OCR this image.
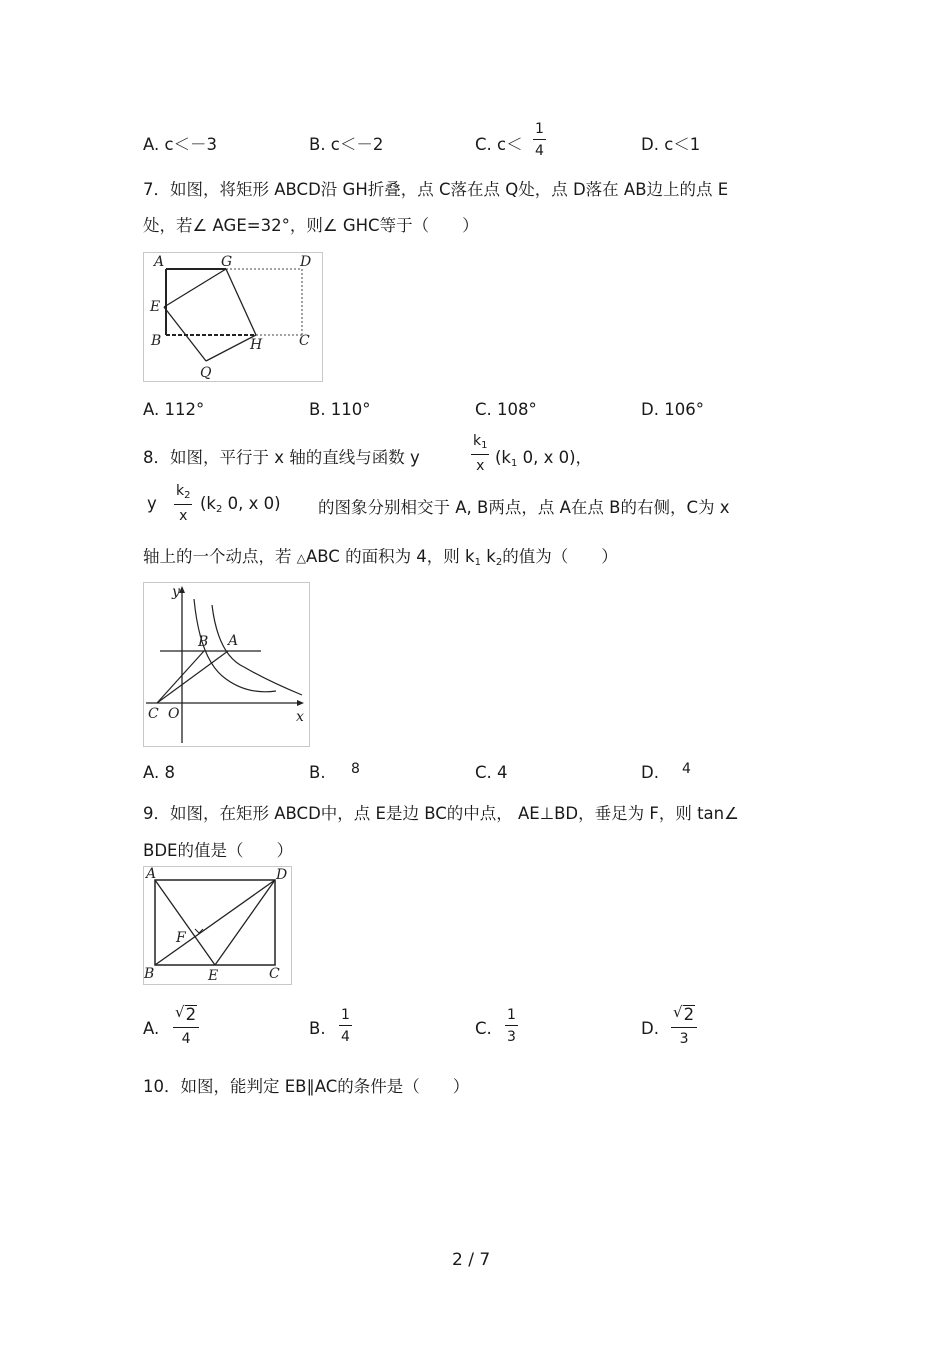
A. c＜－3	B. c＜－2	C. c＜
1
4	D. c＜1
7．如图，将矩形 ABCD沿 GH折叠，点 C落在点 Q处，点 D落在 AB边上的点 E
处，若∠ AGE=32°，则∠ GHC等于（　　）
A	G	D
E
B	H	C
Q
A. 112°	B. 110°	C. 108°	D. 106°
8．如图，平行于 x 轴的直线与函数 y
$k_1$
x ($k_1$ 0, x 0)，
y
$k_2$
x
($k_2$ 0, x 0) 的图象分别相交于 A, B两点，点 A在点 B的右侧，C为 x
轴上的一个动点，若 △ABC 的面积为 4，则 $k_1$ $k_2$的值为（　　）
y
x
B A
C O
A. 8	B. 8	C. 4	D. 4
9．如图，在矩形 ABCD中，点 E是边 BC的中点， AE⊥BD，垂足为 F，则 tan∠
BDE的值是（　　）
A	D
F
B	E	C
A.
√ 2
4
B.
1
4	C.
1
3	D.
√ 2
3
10．如图，能判定 EB∥AC的条件是（　　）
2 / 7
